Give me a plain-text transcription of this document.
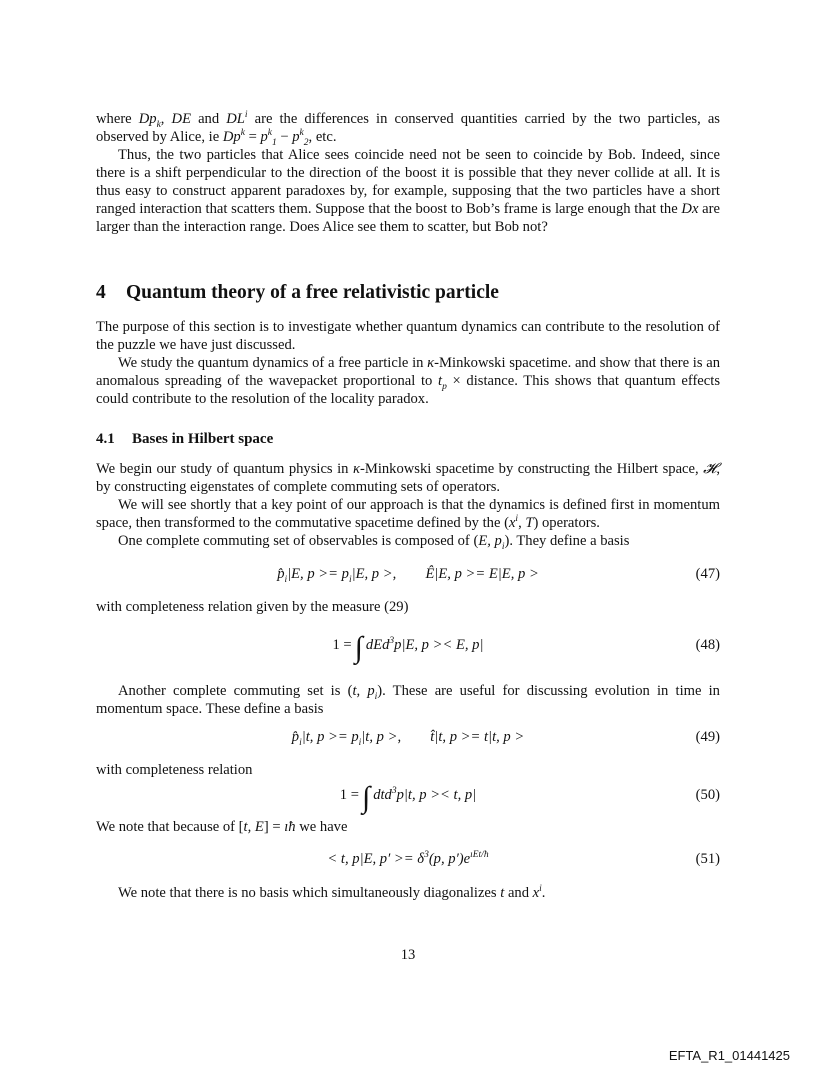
where $Dp_k$, DE and $DL^i$ are the differences in conserved quantities carried by the two particles, as observed by Alice, ie $Dp^k = p^k_1 - p^k_2$, etc.

Thus, the two particles that Alice sees coincide need not be seen to coincide by Bob. Indeed, since there is a shift perpendicular to the direction of the boost it is possible that they never collide at all. It is thus easy to construct apparent paradoxes by, for example, supposing that the two particles have a short ranged interaction that scatters them. Suppose that the boost to Bob’s frame is large enough that the Dx are larger than the interaction range. Does Alice see them to scatter, but Bob not?

4 Quantum theory of a free relativistic particle

The purpose of this section is to investigate whether quantum dynamics can contribute to the resolution of the puzzle we have just discussed.

We study the quantum dynamics of a free particle in κ-Minkowski spacetime. and show that there is an anomalous spreading of the wavepacket proportional to $t_p$ × distance. This shows that quantum effects could contribute to the resolution of the locality paradox.

4.1 Bases in Hilbert space

We begin our study of quantum physics in κ-Minkowski spacetime by constructing the Hilbert space, 𝓗, by constructing eigenstates of complete commuting sets of operators.

We will see shortly that a key point of our approach is that the dynamics is defined first in momentum space, then transformed to the commutative spacetime defined by the ($x^i$, T) operators.

One complete commuting set of observables is composed of (E, $p_i$). They define a basis

$p̂_i|E$, $p >= p_i|E$, p >, Ê|E, p >= E|E, p >	(47)

with completeness relation given by the measure (29)

1 = ∫ dEd$^3$p|E, p >< E, p|	(48)

Another complete commuting set is (t, $p_i$). These are useful for discussing evolution in time in momentum space. These define a basis

$p̂_i|t$, $p >= p_i|t$, p >, t̂|t, p >= t|t, p >	(49)

with completeness relation

1 = ∫ dtd$^3$p|t, p >< t, p|	(50)

We note that because of [t, E] = ıħ we have

< t, p|E, $p' >= \delta^3(p$, $p')e^{ıEt/ħ}$	(51)

We note that there is no basis which simultaneously diagonalizes t and $x^i$.

13
EFTA_R1_01441425
